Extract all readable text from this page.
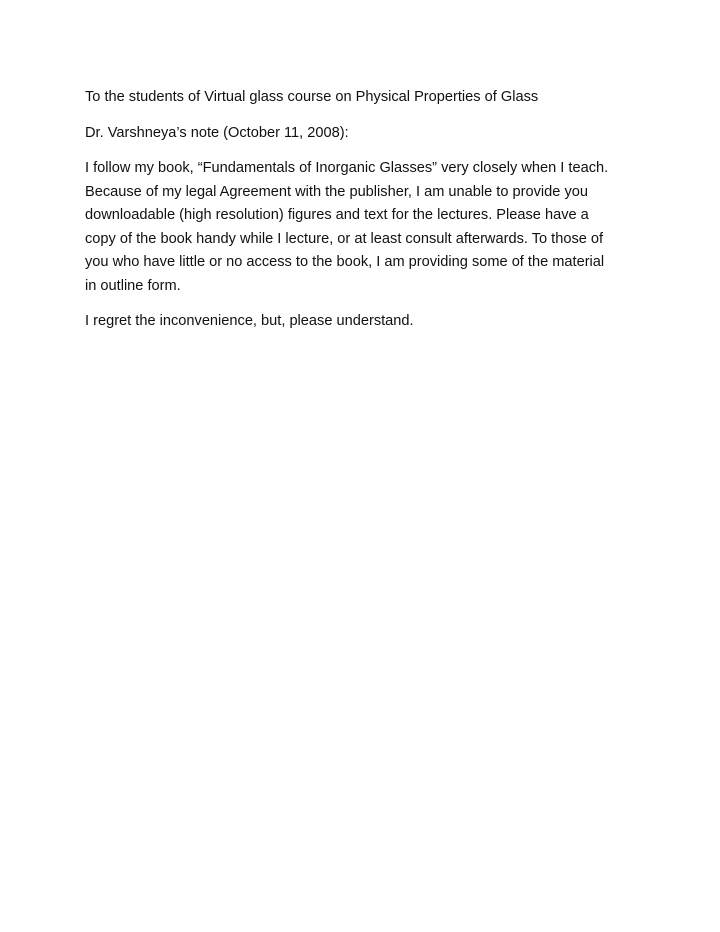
To the students of Virtual glass course on Physical Properties of Glass

Dr. Varshneya’s note (October 11, 2008):

I follow my book, “Fundamentals of Inorganic Glasses” very closely when I teach.
Because of my legal Agreement with the publisher, I am unable to provide you
downloadable (high resolution) figures and text for the lectures. Please have a
copy of the book handy while I lecture, or at least consult afterwards. To those of
you who have little or no access to the book, I am providing some of the material
in outline form.

I regret the inconvenience, but, please understand.
